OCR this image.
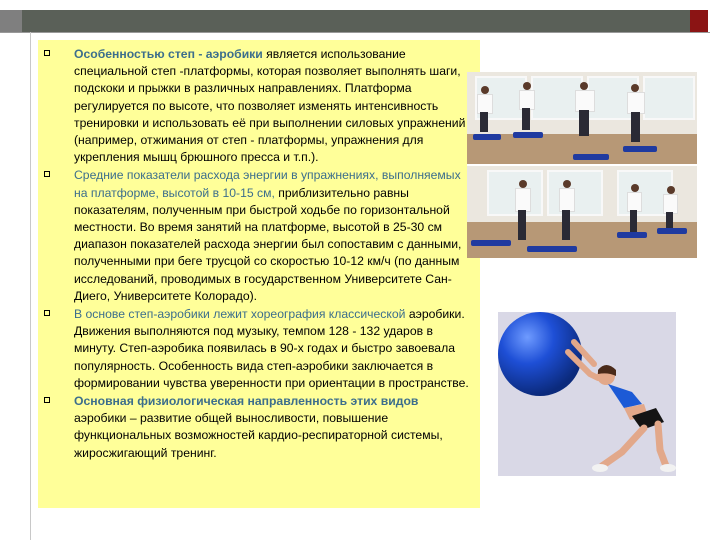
Особенностью степ - аэробики является использование специальной степ -платформы, которая позволяет выполнять шаги, подскоки и прыжки в различных направлениях. Платформа регулируется по высоте, что позволяет изменять интенсивность тренировки и использовать её при выполнении силовых упражнений (например, отжимания от степ - платформы, упражнения для укрепления мышц брюшного пресса и т.п.).
Средние показатели расхода энергии в упражнениях, выполняемых на платформе, высотой в 10-15 см, приблизительно равны показателям, полученным при быстрой ходьбе по горизонтальной местности. Во время занятий на платформе, высотой в 25-30 см диапазон показателей расхода энергии был сопоставим с данными, полученными при беге трусцой со скоростью 10-12 км/ч (по данным исследований, проводимых в государственном Университете Сан-Диего, Университете Колорадо).
В основе степ-аэробики лежит хореография классической аэробики. Движения выполняются под музыку, темпом 128 - 132 ударов в минуту. Степ-аэробика появилась в 90-х годах и быстро завоевала популярность. Особенность вида степ-аэробики заключается в формировании чувства уверенности при ориентации в пространстве.
Основная физиологическая направленность этих видов аэробики – развитие общей выносливости, повышение функциональных возможностей кардио-респираторной системы, жиросжигающий тренинг.
